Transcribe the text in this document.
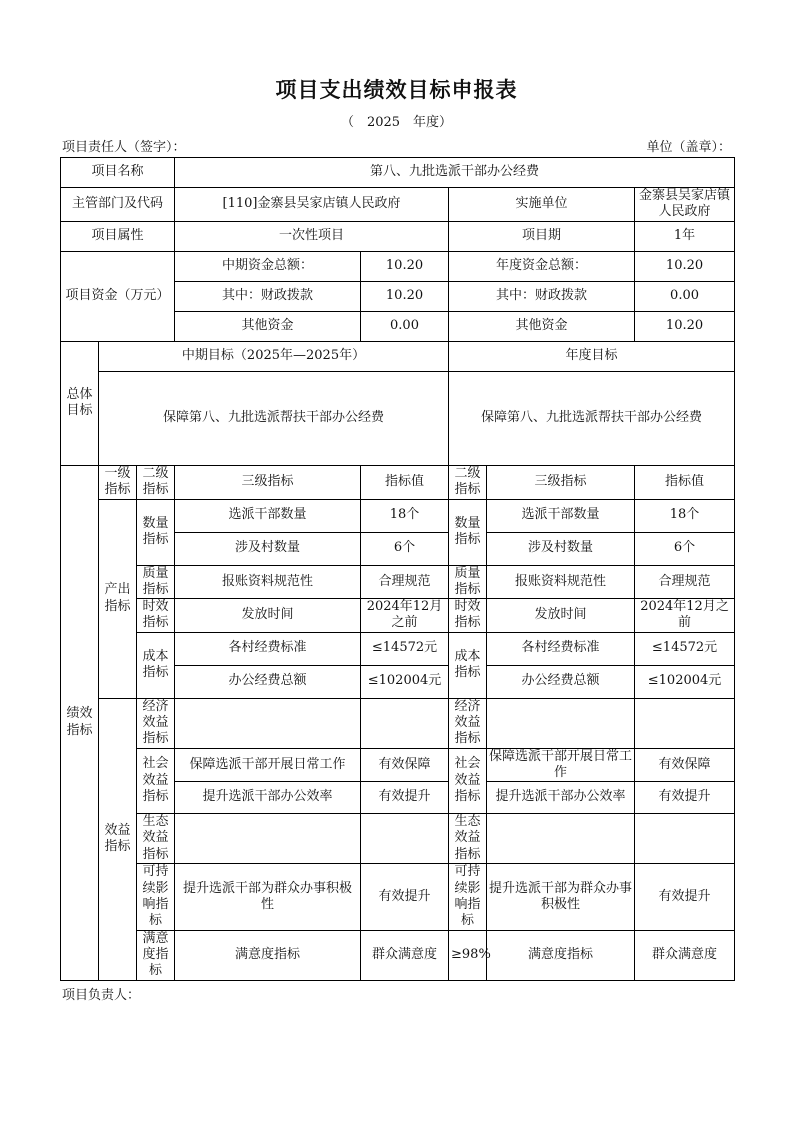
项目支出绩效目标申报表
（　2025　年度）
项目责任人（签字）：	单位（盖章）：
项目名称			第八、九批选派干部办公经费					
主管部门及代码			[110]金寨县吴家店镇人民政府		实施单位		金寨县吴家店镇人民政府	
项目属性			一次性项目		项目期		1年	
项目资金（万元）			中期资金总额：	10.20	年度资金总额：		10.20	
			其中：财政拨款	10.20	其中：财政拨款		0.00	
			其他资金	0.00	其他资金		10.20	
总体目标	中期目标（2025年—2025年）				年度目标			
	保障第八、九批选派帮扶干部办公经费				保障第八、九批选派帮扶干部办公经费			
绩效指标	一级指标	二级指标	三级指标	指标值	二级指标	三级指标	指标值	
	产出指标	数量指标	选派干部数量	18个	数量指标	选派干部数量	18个	
			涉及村数量	6个		涉及村数量	6个	
		质量指标	报账资料规范性	合理规范	质量指标	报账资料规范性	合理规范	
		时效指标	发放时间	2024年12月之前	时效指标	发放时间	2024年12月之前	
		成本指标	各村经费标准	≤14572元	成本指标	各村经费标准	≤14572元	
			办公经费总额	≤102004元		办公经费总额	≤102004元	
	效益指标	经济效益指标			经济效益指标			
		社会效益指标	保障选派干部开展日常工作	有效保障	社会效益指标	保障选派干部开展日常工作	有效保障	
			提升选派干部办公效率	有效提升		提升选派干部办公效率	有效提升	
		生态效益指标			生态效益指标			
		可持续影响指标	提升选派干部为群众办事积极性	有效提升	可持续影响指标	提升选派干部为群众办事积极性	有效提升	
		满意度指标	满意度指标	群众满意度	≥98%	满意度指标	群众满意度	
项目负责人：
